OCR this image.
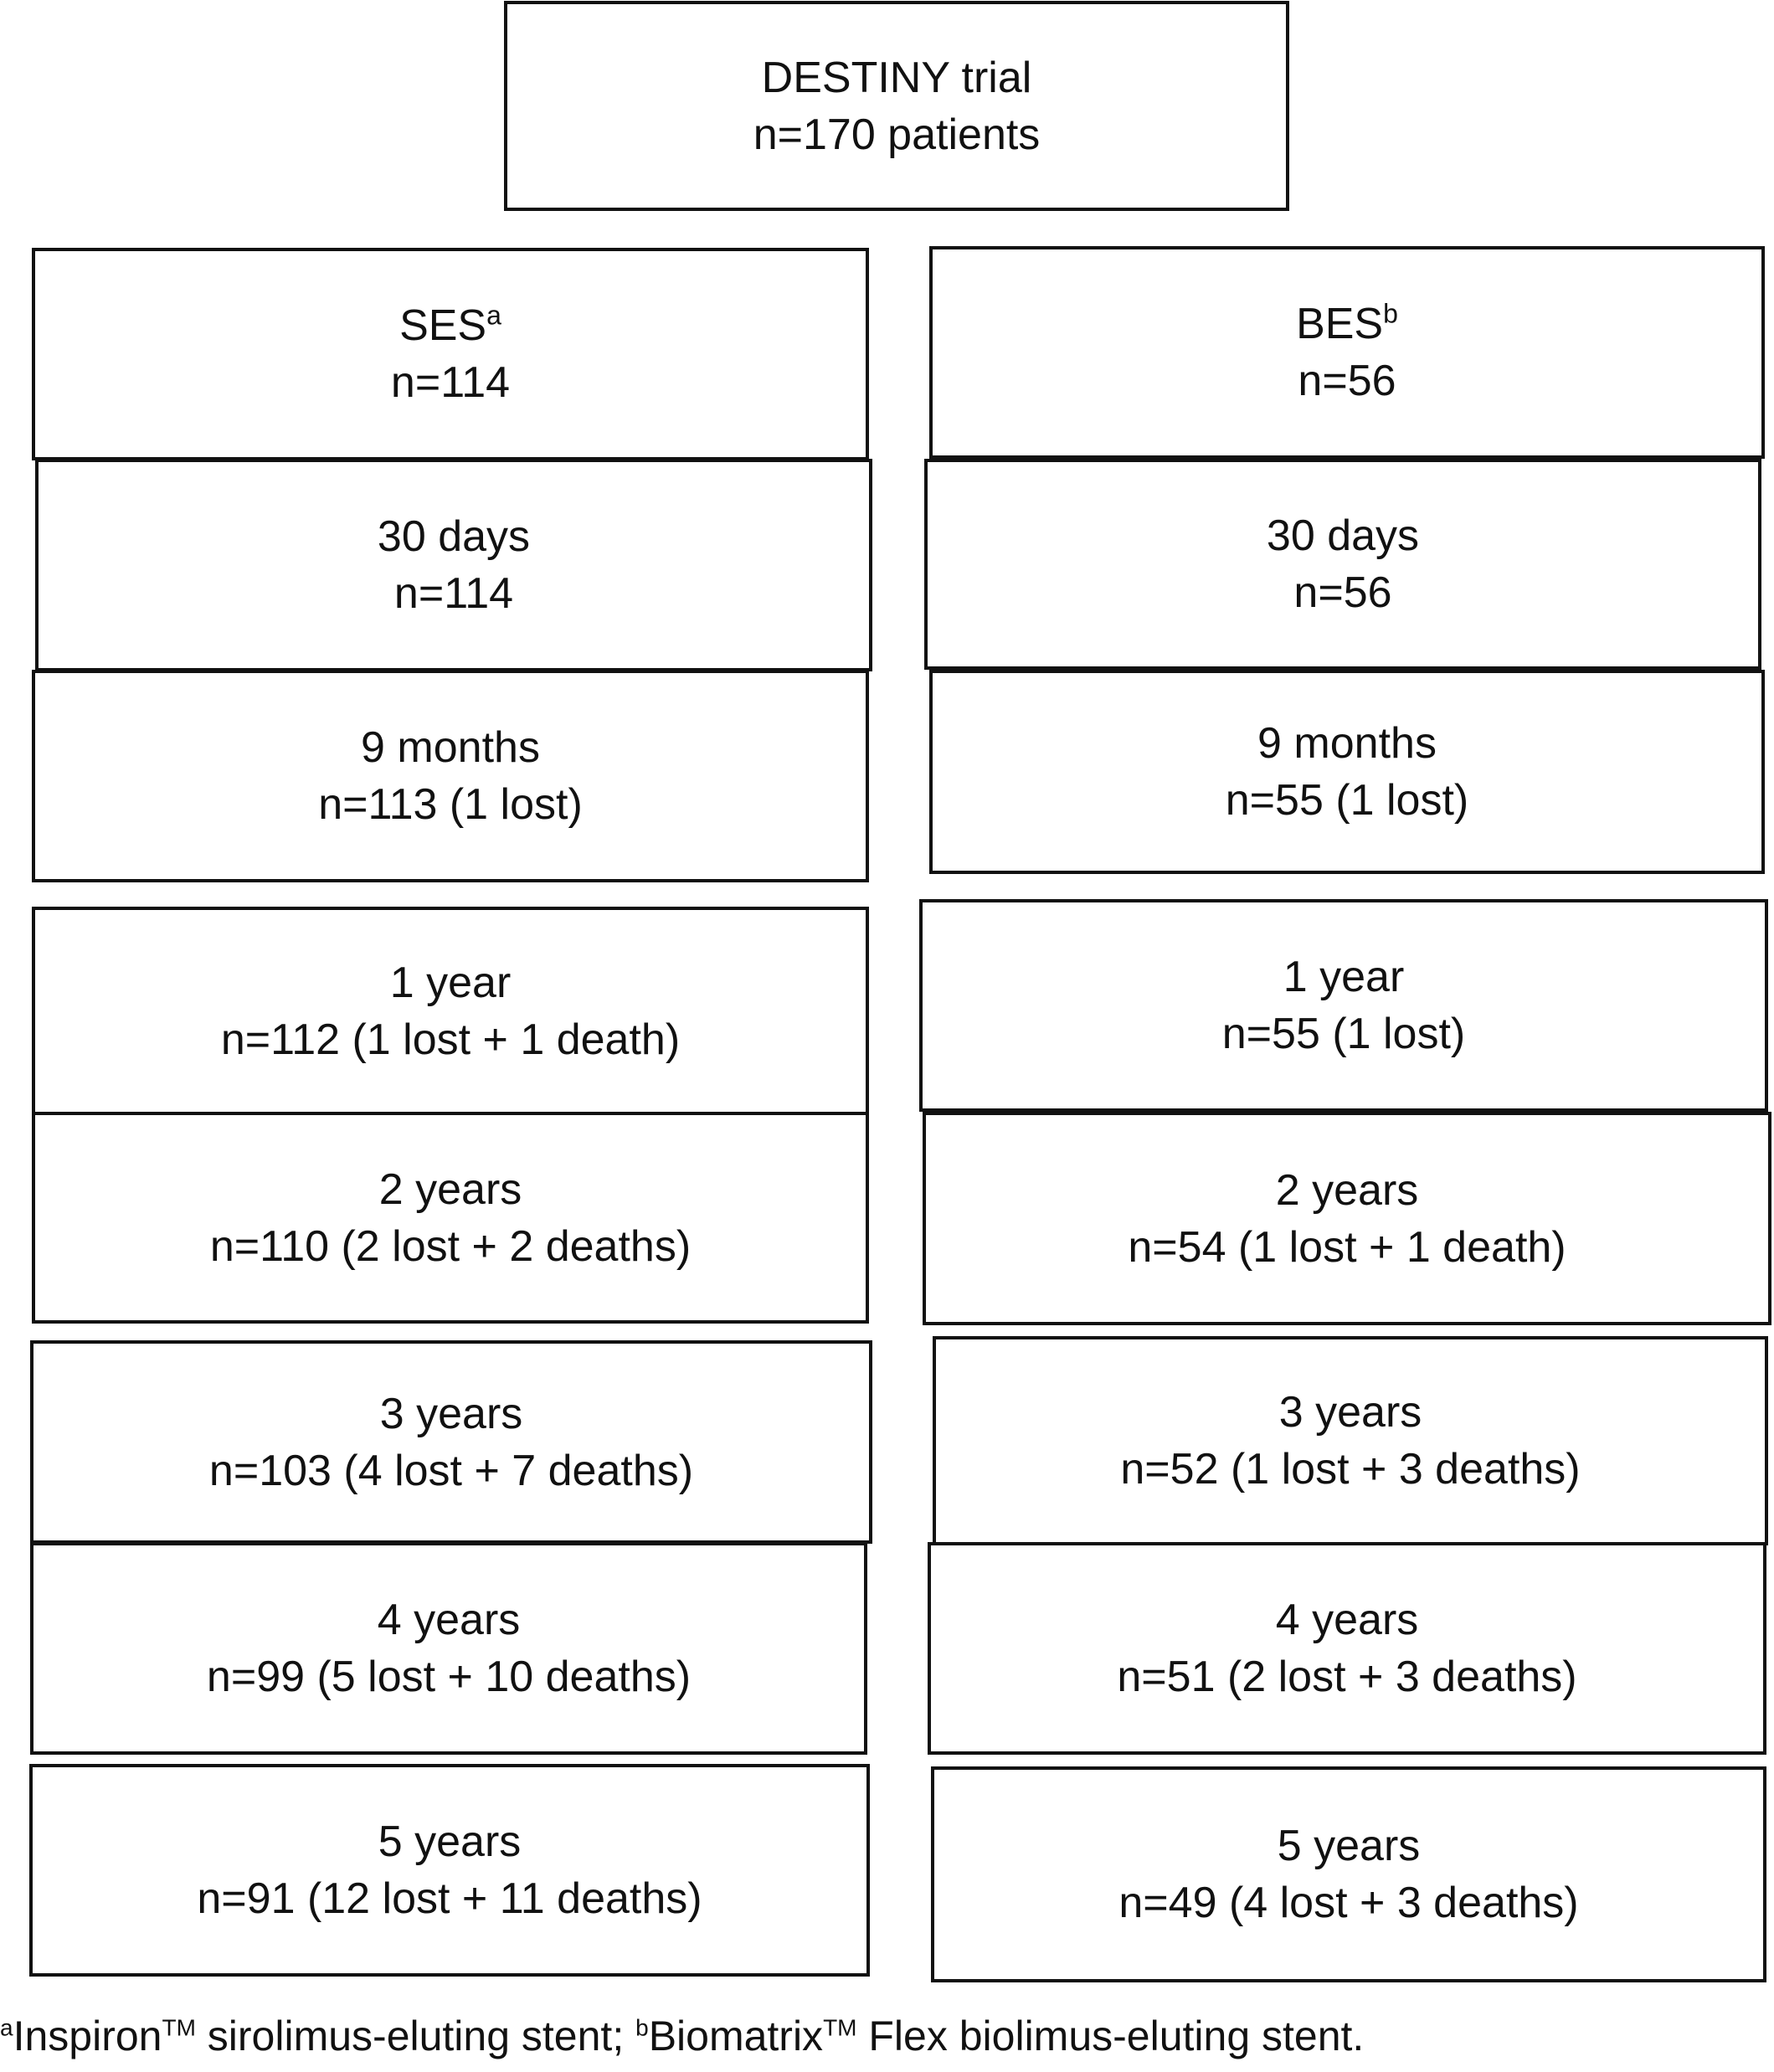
DESTINY trial
n=170 patients
SES$^a$
n=114
30 days
n=114
9 months
n=113 (1 lost)
1 year
n=112 (1 lost + 1 death)
2 years
n=110 (2 lost + 2 deaths)
3 years
n=103 (4 lost + 7 deaths)
4 years
n=99 (5 lost + 10 deaths)
5 years
n=91 (12 lost + 11 deaths)
BES$^b$
n=56
30 days
n=56
9 months
n=55 (1 lost)
1 year
n=55 (1 lost)
2 years
n=54 (1 lost + 1 death)
3 years
n=52 (1 lost + 3 deaths)
4 years
n=51 (2 lost + 3 deaths)
5 years
n=49 (4 lost + 3 deaths)
$^a$Inspiron™ sirolimus-eluting stent; $^b$Biomatrix™ Flex biolimus-eluting stent.
